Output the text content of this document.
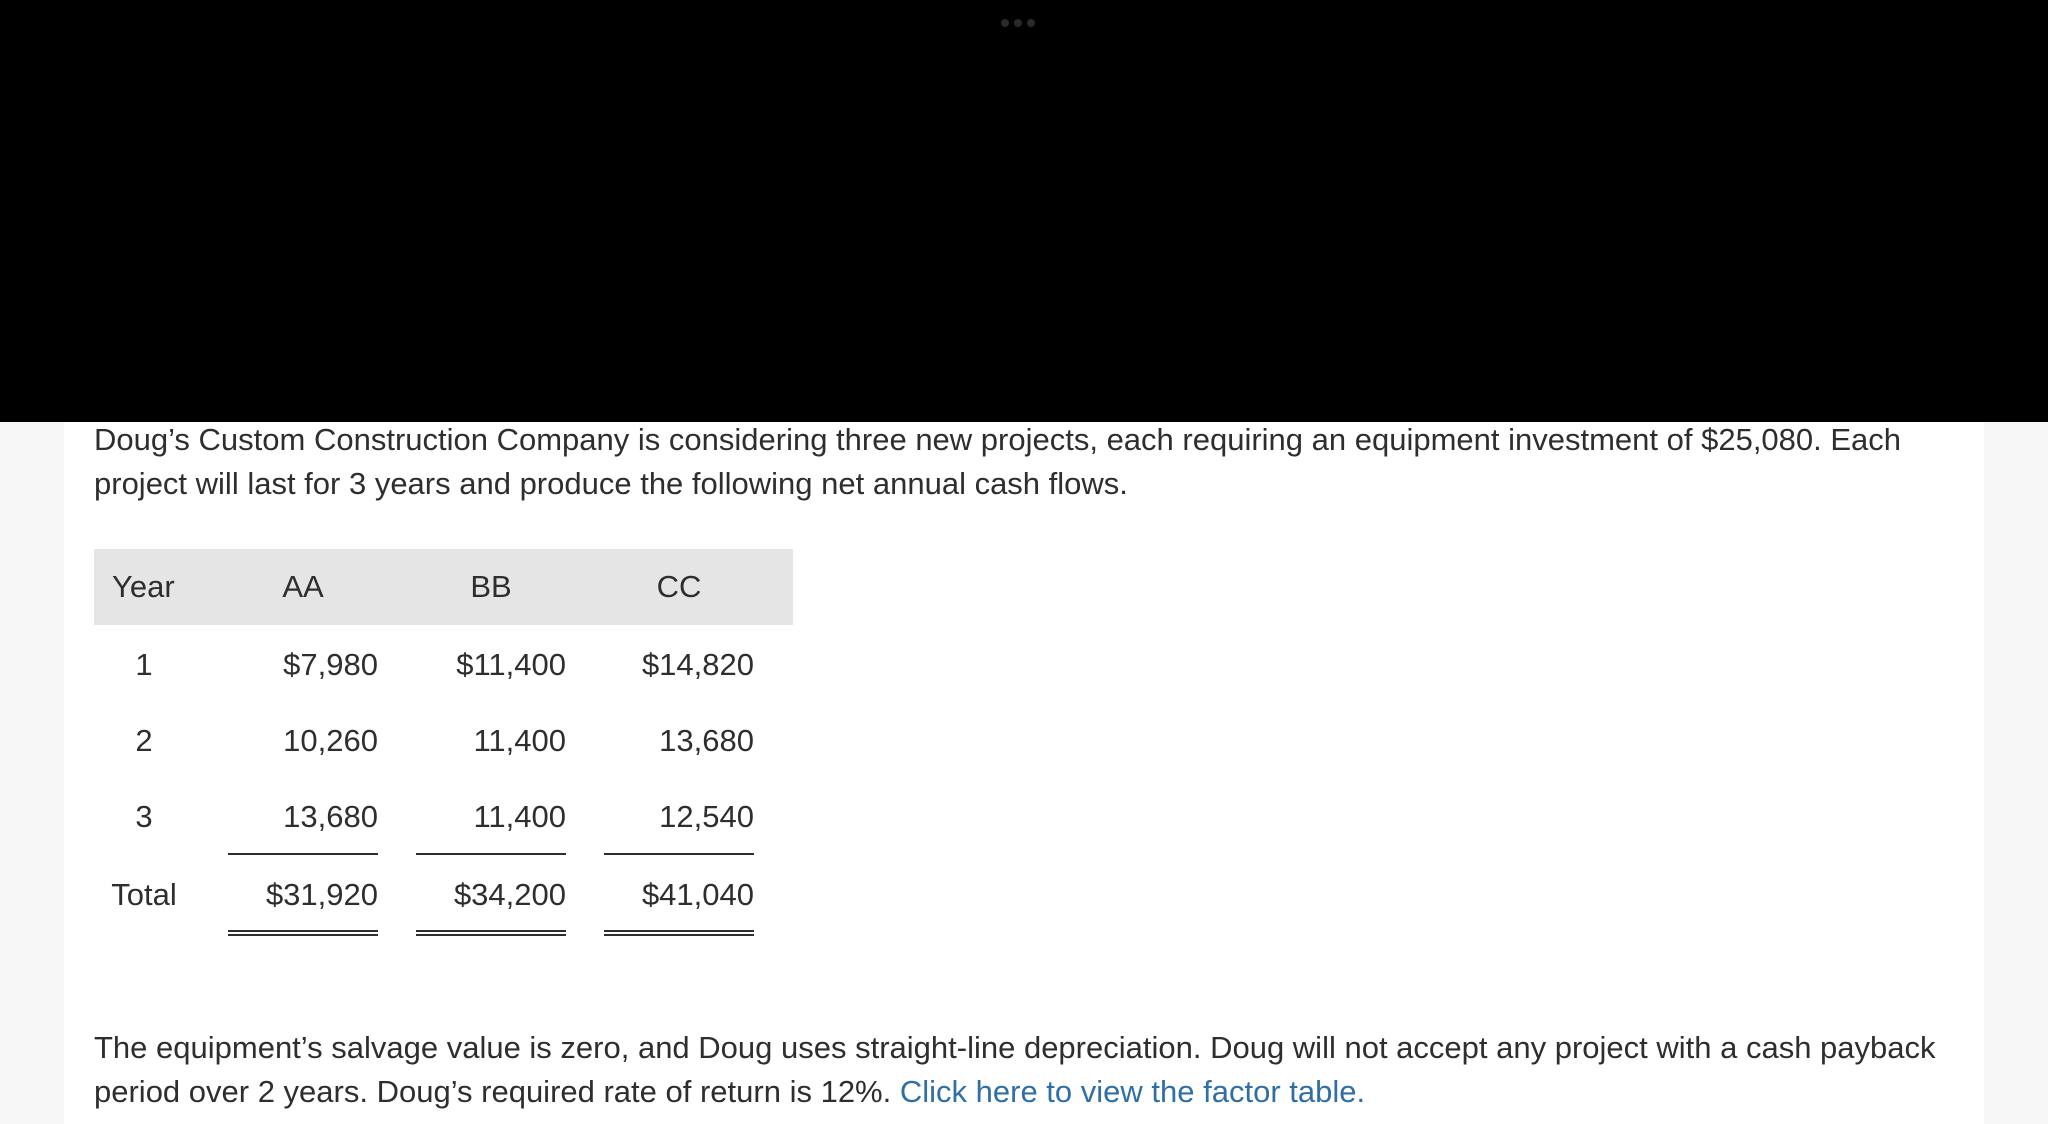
Doug’s Custom Construction Company is considering three new projects, each requiring an equipment investment of $25,080. Each project will last for 3 years and produce the following net annual cash flows.
Year	AA	BB	CC
1	$7,980	$11,400	$14,820
2	10,260	11,400	13,680
3	13,680	11,400	12,540
Total	$31,920	$34,200	$41,040
The equipment’s salvage value is zero, and Doug uses straight-line depreciation. Doug will not accept any project with a cash payback period over 2 years. Doug’s required rate of return is 12%. Click here to view the factor table.
